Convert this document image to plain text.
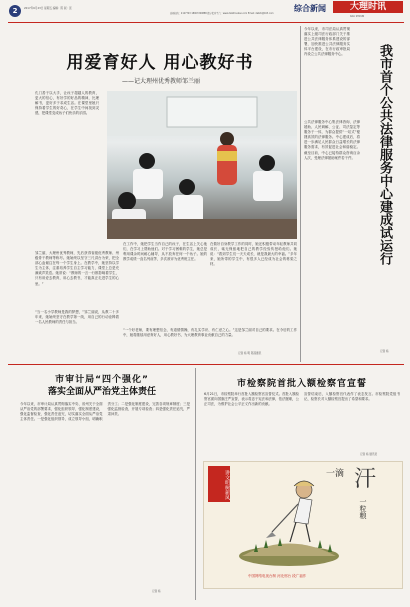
2	2017年6月23日 星期五 编辑：陈 版：张
新闻热线：2127743 18907209888 数字报刊平台：www.dalizhoubao.com Email: dalizb@163.com
综合新闻	大理时讯
DALI SHIXUN
用爱育好人 用心教好书
——记大理州优秀教师邹兰丽
孔门善于以大手，让孩子超越人的教育，更大的信心，有好学的好品的精神，比理解书，更好多于求成生活。在课堂里她只保持着学生的好奇心，在学生中间找到灵感，把课堂变成孩子们快乐的乐园。
邹兰丽，大理州优秀教师，先后获得省级优秀教师、州级骨干教师等称号。她始终以坚守三尺讲台为荣，把全部心血倾注在每一个学生身上。在教学中，她坚持以学生为主体，注重培养学生自主学习能力，课堂上总是充满欢声笑语。她常说：“教师的一言一行都影响着学生，只有用爱去教育，用心去教书，才能真正走进学生的心里。”
“当一名小学教师是我的梦想，”邹兰丽说，从教二十多年来，她始终坚守在教学第一线，用自己的行动诠释着一名人民教师的责任与担当。
在工作中，她把学生当作自己的孩子，在生活上关心他们，在学习上帮助他们。对于学习困难的学生，她总是利用课余时间耐心辅导，从不放弃任何一个孩子。她的教学成绩一直名列前茅，多次被评为优秀班主任。
在做好自身教学工作的同时，她还积极带动年轻教师共同成长，毫无保留地把自己的教学经验传授给他们。她说：“看到学生们一天天成长，就是我最大的幸福。”多年来，她所带的学生中，有很多人已经成为社会的栋梁之材。
“一个好老师，要有理想信念、有道德情操、有扎实学识、有仁爱之心。”这是邹兰丽对自己的要求。在今后的工作中，她将继续用爱育好人，用心教好书，为大理教育事业贡献自己的力量。
记者 杨 明 陈茜通讯
今年以来，市司法局认真贯彻落实上级司法行政部门关于推进公共法律服务体系建设的部署，加快推进公共法律服务实体平台建设，在市行政审批局内设立公共法律服务中心。	我市首个公共法律服务中心建成试运行
公共法律服务中心集法律咨询、法律援助、人民调解、公证、司法鉴定等服务于一体，为群众提供“一站式”便捷高效的法律服务。中心建成后，将进一步满足人民群众日益增长的法律服务需求，有效促进社会和谐稳定。截至目前，中心已接待群众咨询百余人次，受理法律援助案件若干件。
记者 杨
市审计局“四个强化”
落实全面从严治党主体责任
今年以来，市审计局认真贯彻落实中央、省州关于全面从严治党的部署要求，强化组织领导，强化制度建设，强化监督检查，强化责任追究，切实落实全面从严治党主体责任。一是强化组织领导，成立领导小组，明确职责分工；二是强化制度建设，完善各项规章制度；三是强化监督检查，开展专项检查；四是强化责任追究，严肃问责。
记者 杨
市检察院首批入额检察官宣誓
6月21日，市检察院举行首批入额检察官宣誓仪式。首批入额检察官面向国旗庄严宣誓，表示将忠于宪法和法律，依法履职，公正司法，为维护社会公平正义作出新的贡献。
宣誓结束后，入额检察官代表作了表态发言。市检察院党组书记、检察长对入额检察官提出了希望和要求。
记者 杨 通讯员
讲文明树新风	一滴 汗
一粒粮
中国网络电视台制 河北邢台 段广福作
